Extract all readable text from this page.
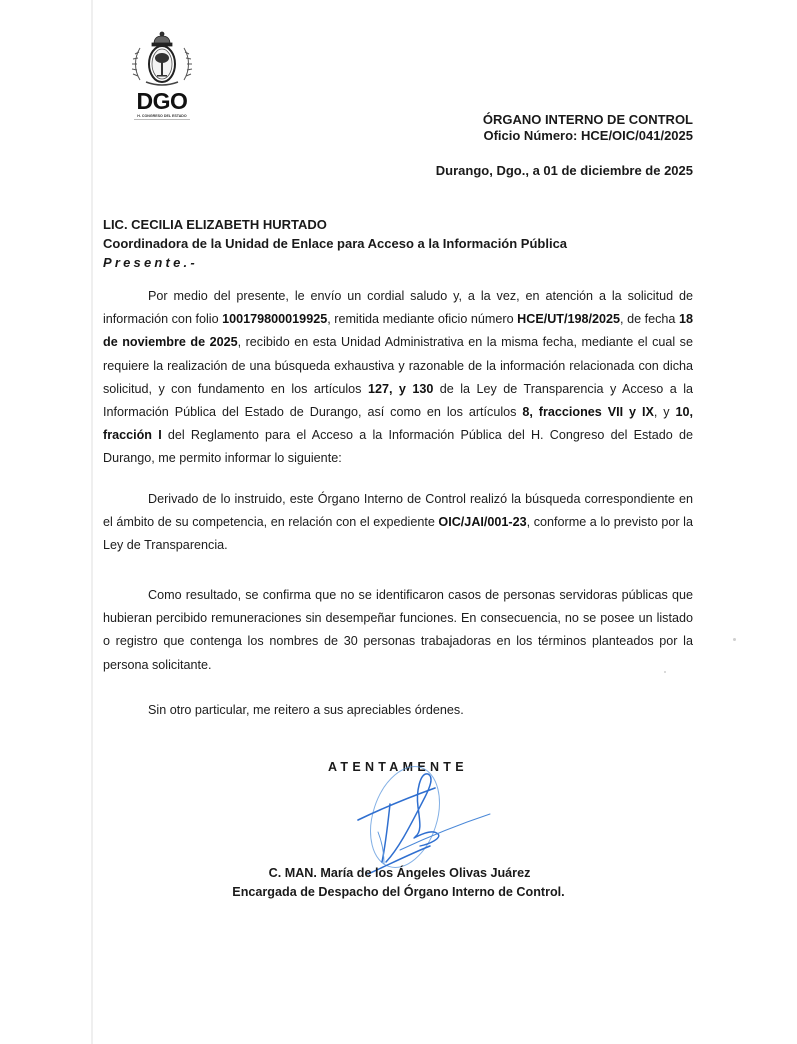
DGO
H. CONGRESO DEL ESTADO	ÓRGANO INTERNO DE CONTROL
Oficio Número: HCE/OIC/041/2025
Durango, Dgo., a 01 de diciembre de 2025
LIC. CECILIA ELIZABETH HURTADO
Coordinadora de la Unidad de Enlace para Acceso a la Información Pública
Presente.-
Por medio del presente, le envío un cordial saludo y, a la vez, en atención a la solicitud de información con folio 100179800019925, remitida mediante oficio número HCE/UT/198/2025, de fecha 18 de noviembre de 2025, recibido en esta Unidad Administrativa en la misma fecha, mediante el cual se requiere la realización de una búsqueda exhaustiva y razonable de la información relacionada con dicha solicitud, y con fundamento en los artículos 127, y 130 de la Ley de Transparencia y Acceso a la Información Pública del Estado de Durango, así como en los artículos 8, fracciones VII y IX, y 10, fracción I del Reglamento para el Acceso a la Información Pública del H. Congreso del Estado de Durango, me permito informar lo siguiente:
Derivado de lo instruido, este Órgano Interno de Control realizó la búsqueda correspondiente en el ámbito de su competencia, en relación con el expediente OIC/JAI/001-23, conforme a lo previsto por la Ley de Transparencia.
Como resultado, se confirma que no se identificaron casos de personas servidoras públicas que hubieran percibido remuneraciones sin desempeñar funciones. En consecuencia, no se posee un listado o registro que contenga los nombres de 30 personas trabajadoras en los términos planteados por la persona solicitante.
Sin otro particular, me reitero a sus apreciables órdenes.
ATENTAMENTE
C. MAN. María de los Ángeles Olivas Juárez
Encargada de Despacho del Órgano Interno de Control.
